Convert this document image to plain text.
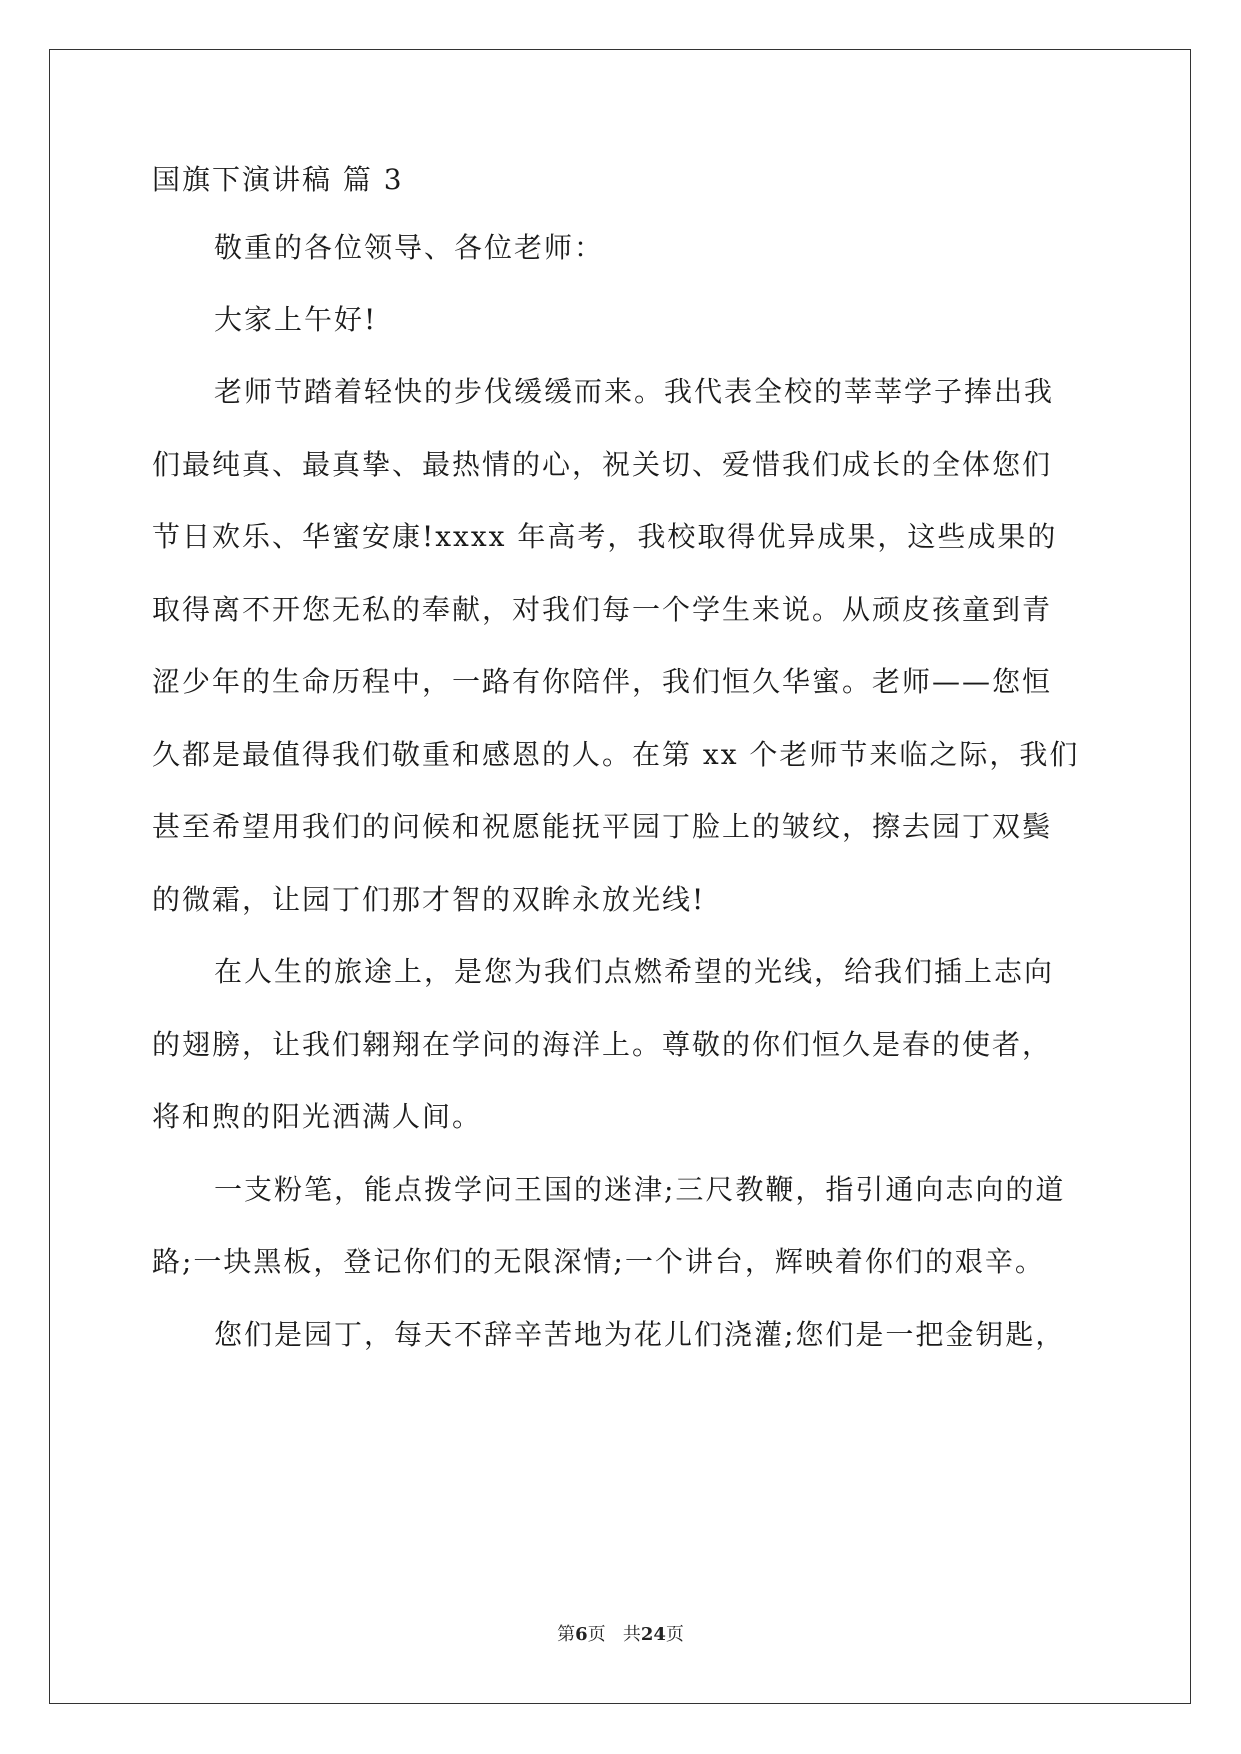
国旗下演讲稿 篇 3
敬重的各位领导、各位老师：
大家上午好!
老师节踏着轻快的步伐缓缓而来。我代表全校的莘莘学子捧出我
们最纯真、最真挚、最热情的心，祝关切、爱惜我们成长的全体您们
节日欢乐、华蜜安康!xxxx 年高考，我校取得优异成果，这些成果的
取得离不开您无私的奉献，对我们每一个学生来说。从顽皮孩童到青
涩少年的生命历程中，一路有你陪伴，我们恒久华蜜。老师——您恒
久都是最值得我们敬重和感恩的人。在第 xx 个老师节来临之际，我们
甚至希望用我们的问候和祝愿能抚平园丁脸上的皱纹，擦去园丁双鬓
的微霜，让园丁们那才智的双眸永放光线!
在人生的旅途上，是您为我们点燃希望的光线，给我们插上志向
的翅膀，让我们翱翔在学问的海洋上。尊敬的你们恒久是春的使者，
将和煦的阳光洒满人间。
一支粉笔，能点拨学问王国的迷津;三尺教鞭，指引通向志向的道
路;一块黑板，登记你们的无限深情;一个讲台，辉映着你们的艰辛。
您们是园丁，每天不辞辛苦地为花儿们浇灌;您们是一把金钥匙，
第6页 共24页
